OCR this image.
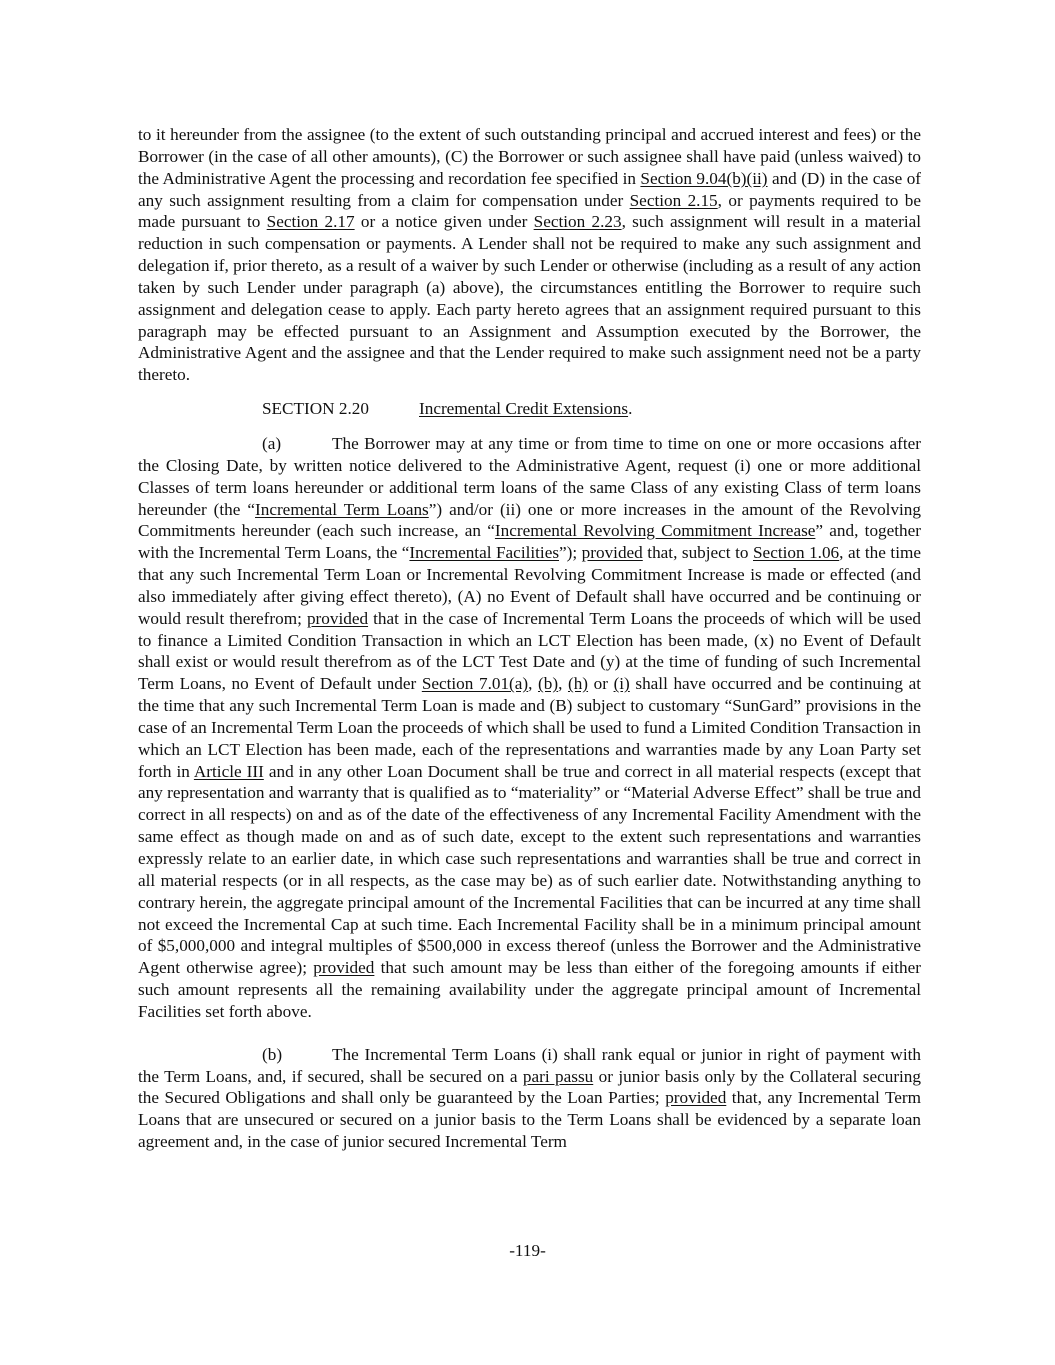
to it hereunder from the assignee (to the extent of such outstanding principal and accrued interest and fees) or the Borrower (in the case of all other amounts), (C) the Borrower or such assignee shall have paid (unless waived) to the Administrative Agent the processing and recordation fee specified in Section 9.04(b)(ii) and (D) in the case of any such assignment resulting from a claim for compensation under Section 2.15, or payments required to be made pursuant to Section 2.17 or a notice given under Section 2.23, such assignment will result in a material reduction in such compensation or payments. A Lender shall not be required to make any such assignment and delegation if, prior thereto, as a result of a waiver by such Lender or otherwise (including as a result of any action taken by such Lender under paragraph (a) above), the circumstances entitling the Borrower to require such assignment and delegation cease to apply. Each party hereto agrees that an assignment required pursuant to this paragraph may be effected pursuant to an Assignment and Assumption executed by the Borrower, the Administrative Agent and the assignee and that the Lender required to make such assignment need not be a party thereto.

SECTION 2.20	Incremental Credit Extensions.

(a)	The Borrower may at any time or from time to time on one or more occasions after the Closing Date, by written notice delivered to the Administrative Agent, request (i) one or more additional Classes of term loans hereunder or additional term loans of the same Class of any existing Class of term loans hereunder (the “Incremental Term Loans”) and/or (ii) one or more increases in the amount of the Revolving Commitments hereunder (each such increase, an “Incremental Revolving Commitment Increase” and, together with the Incremental Term Loans, the “Incremental Facilities”); provided that, subject to Section 1.06, at the time that any such Incremental Term Loan or Incremental Revolving Commitment Increase is made or effected (and also immediately after giving effect thereto), (A) no Event of Default shall have occurred and be continuing or would result therefrom; provided that in the case of Incremental Term Loans the proceeds of which will be used to finance a Limited Condition Transaction in which an LCT Election has been made, (x) no Event of Default shall exist or would result therefrom as of the LCT Test Date and (y) at the time of funding of such Incremental Term Loans, no Event of Default under Section 7.01(a), (b), (h) or (i) shall have occurred and be continuing at the time that any such Incremental Term Loan is made and (B) subject to customary “SunGard” provisions in the case of an Incremental Term Loan the proceeds of which shall be used to fund a Limited Condition Transaction in which an LCT Election has been made, each of the representations and warranties made by any Loan Party set forth in Article III and in any other Loan Document shall be true and correct in all material respects (except that any representation and warranty that is qualified as to “materiality” or “Material Adverse Effect” shall be true and correct in all respects) on and as of the date of the effectiveness of any Incremental Facility Amendment with the same effect as though made on and as of such date, except to the extent such representations and warranties expressly relate to an earlier date, in which case such representations and warranties shall be true and correct in all material respects (or in all respects, as the case may be) as of such earlier date. Notwithstanding anything to contrary herein, the aggregate principal amount of the Incremental Facilities that can be incurred at any time shall not exceed the Incremental Cap at such time. Each Incremental Facility shall be in a minimum principal amount of $5,000,000 and integral multiples of $500,000 in excess thereof (unless the Borrower and the Administrative Agent otherwise agree); provided that such amount may be less than either of the foregoing amounts if either such amount represents all the remaining availability under the aggregate principal amount of Incremental Facilities set forth above.

(b)	The Incremental Term Loans (i) shall rank equal or junior in right of payment with the Term Loans, and, if secured, shall be secured on a pari passu or junior basis only by the Collateral securing the Secured Obligations and shall only be guaranteed by the Loan Parties; provided that, any Incremental Term Loans that are unsecured or secured on a junior basis to the Term Loans shall be evidenced by a separate loan agreement and, in the case of junior secured Incremental Term

-119-
